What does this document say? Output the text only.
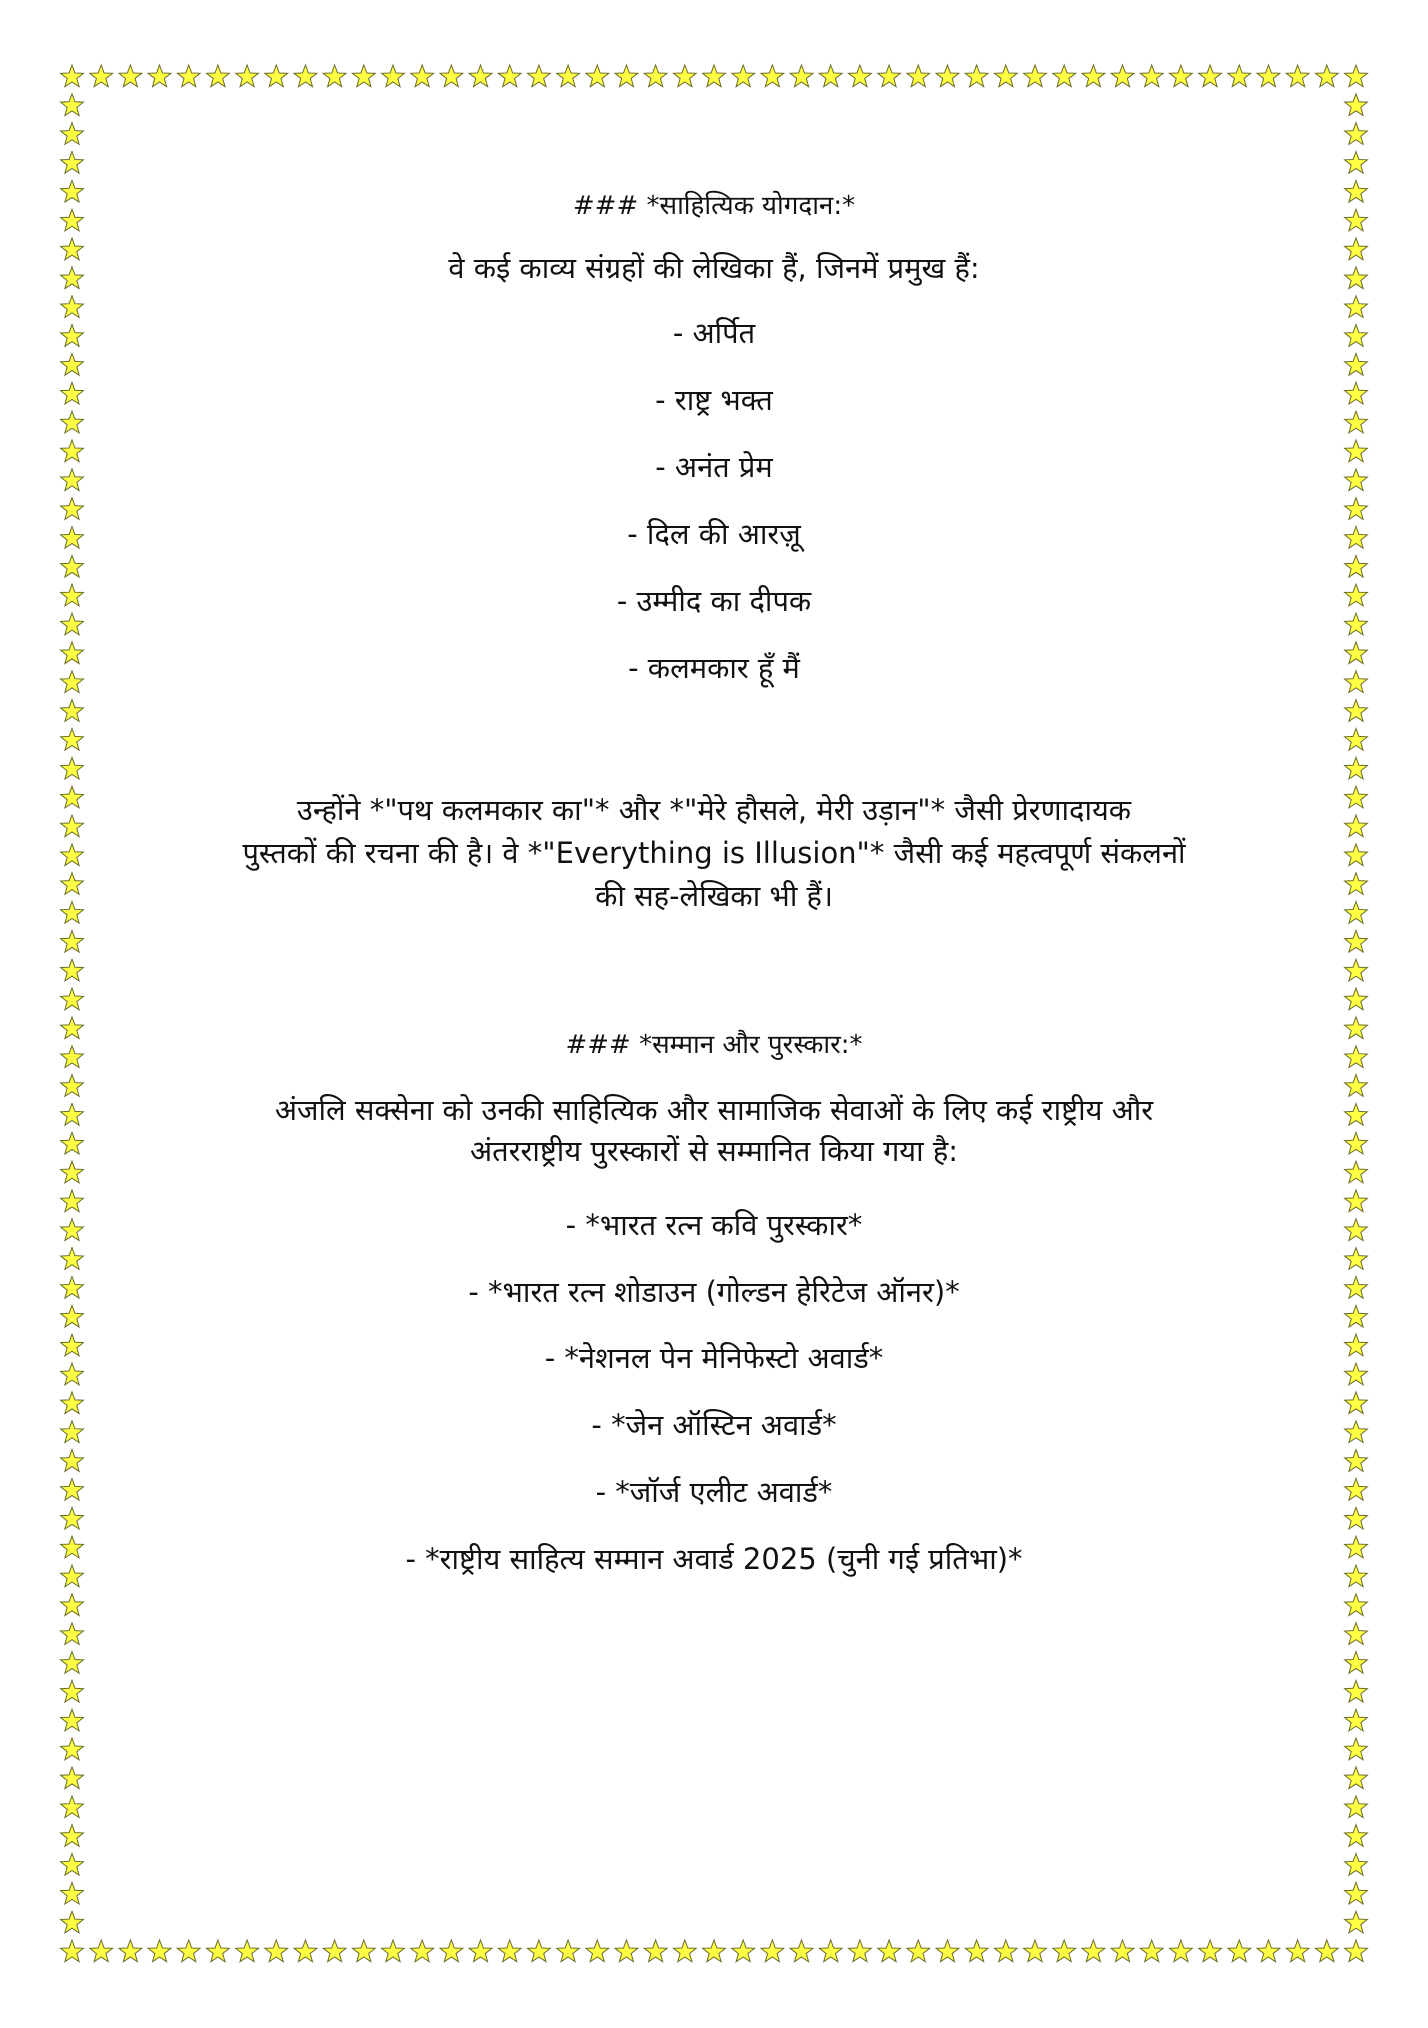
### *साहित्यिक योगदान:*
वे कई काव्य संग्रहों की लेखिका हैं, जिनमें प्रमुख हैं:
- अर्पित
- राष्ट्र भक्त
- अनंत प्रेम
- दिल की आरज़ू
- उम्मीद का दीपक
- कलमकार हूँ मैं
उन्होंने *"पथ कलमकार का"* और *"मेरे हौसले, मेरी उड़ान"* जैसी प्रेरणादायक
पुस्तकों की रचना की है। वे *"Everything is Illusion"* जैसी कई महत्वपूर्ण संकलनों
की सह-लेखिका भी हैं।
### *सम्मान और पुरस्कार:*
अंजलि सक्सेना को उनकी साहित्यिक और सामाजिक सेवाओं के लिए कई राष्ट्रीय और
अंतरराष्ट्रीय पुरस्कारों से सम्मानित किया गया है:
- *भारत रत्न कवि पुरस्कार*
- *भारत रत्न शोडाउन (गोल्डन हेरिटेज ऑनर)*
- *नेशनल पेन मेनिफेस्टो अवार्ड*
- *जेन ऑस्टिन अवार्ड*
- *जॉर्ज एलीट अवार्ड*
- *राष्ट्रीय साहित्य सम्मान अवार्ड 2025 (चुनी गई प्रतिभा)*
